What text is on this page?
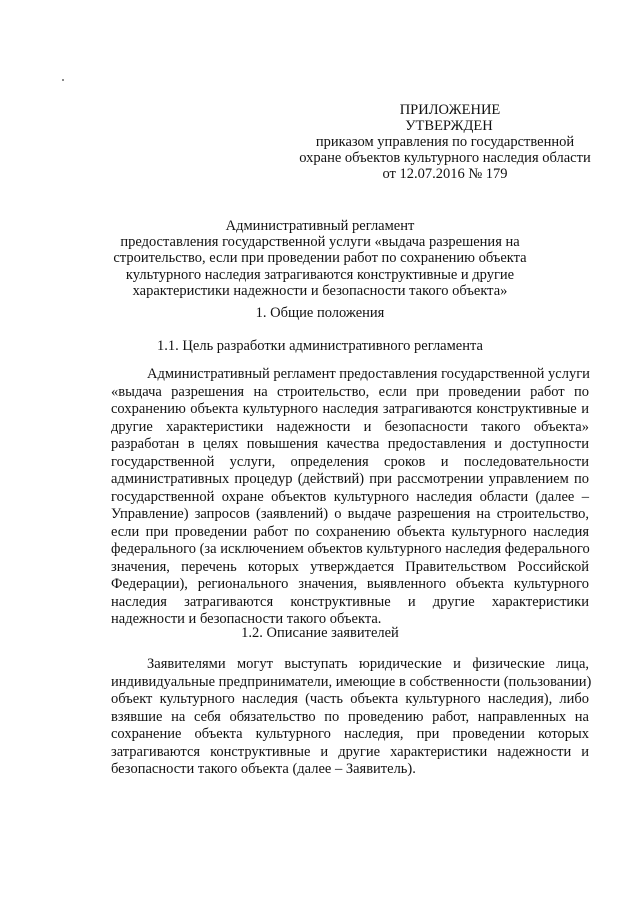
ПРИЛОЖЕНИЕ
УТВЕРЖДЕН
приказом управления по государственной
охране объектов культурного наследия области
от 12.07.2016 № 179
Административный регламент
предоставления государственной услуги «выдача разрешения на
строительство, если при проведении работ по сохранению объекта
культурного наследия затрагиваются конструктивные и другие
характеристики надежности и безопасности такого объекта»
1. Общие положения
1.1. Цель разработки административного регламента
Административный регламент предоставления государственной услуги
«выдача разрешения на строительство, если при проведении работ по
сохранению объекта культурного наследия затрагиваются конструктивные и
другие характеристики надежности и безопасности такого объекта»
разработан в целях повышения качества предоставления и доступности
государственной услуги, определения сроков и последовательности
административных процедур (действий) при рассмотрении управлением по
государственной охране объектов культурного наследия области (далее –
Управление) запросов (заявлений) о выдаче разрешения на строительство,
если при проведении работ по сохранению объекта культурного наследия
федерального (за исключением объектов культурного наследия федерального
значения, перечень которых утверждается Правительством Российской
Федерации), регионального значения, выявленного объекта культурного
наследия затрагиваются конструктивные и другие характеристики
надежности и безопасности такого объекта.
1.2. Описание заявителей
Заявителями могут выступать юридические и физические лица,
индивидуальные предприниматели, имеющие в собственности (пользовании)
объект культурного наследия (часть объекта культурного наследия), либо
взявшие на себя обязательство по проведению работ, направленных на
сохранение объекта культурного наследия, при проведении которых
затрагиваются конструктивные и другие характеристики надежности и
безопасности такого объекта (далее – Заявитель).
